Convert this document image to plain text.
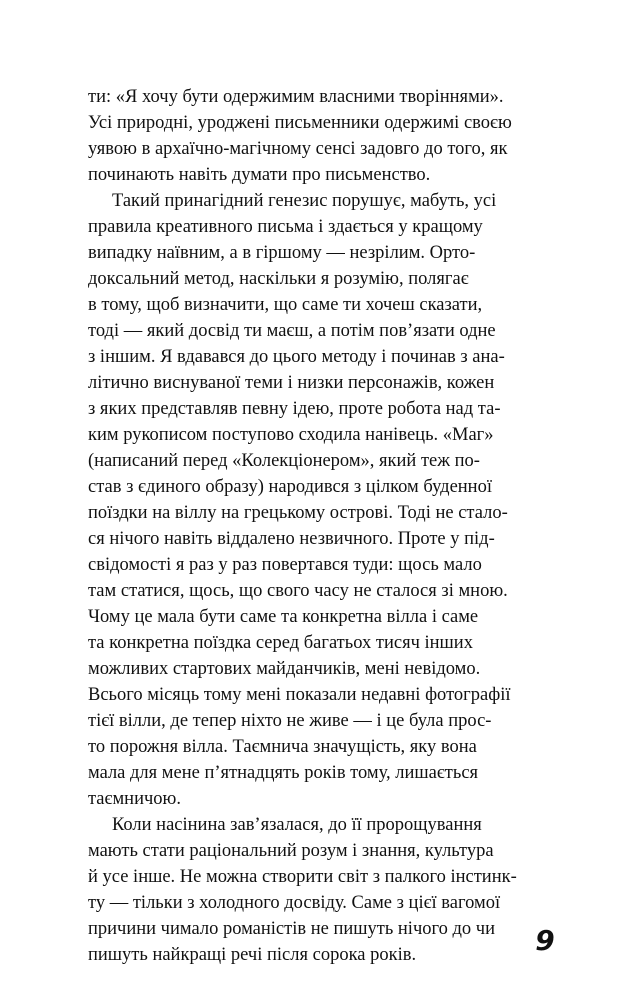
ти: «Я хочу бути одержимим власними творіннями».
Усі природні, уроджені письменники одержимі своєю
уявою в архаїчно-магічному сенсі задовго до того, як
починають навіть думати про письменство.
Такий принагідний генезис порушує, мабуть, усі
правила креативного письма і здається у кращому
випадку наївним, а в гіршому — незрілим. Орто-
доксальний метод, наскільки я розумію, полягає
в тому, щоб визначити, що саме ти хочеш сказати,
тоді — який досвід ти маєш, а потім пов’язати одне
з іншим. Я вдавався до цього методу і починав з ана-
літично виснуваної теми і низки персонажів, кожен
з яких представляв певну ідею, проте робота над та-
ким рукописом поступово сходила нанівець. «Маг»
(написаний перед «Колекціонером», який теж по-
став з єдиного образу) народився з цілком буденної
поїздки на віллу на грецькому острові. Тоді не стало-
ся нічого навіть віддалено незвичного. Проте у під-
свідомості я раз у раз повертався туди: щось мало
там статися, щось, що свого часу не сталося зі мною.
Чому це мала бути саме та конкретна вілла і саме
та конкретна поїздка серед багатьох тисяч інших
можливих стартових майданчиків, мені невідомо.
Всього місяць тому мені показали недавні фотографії
тієї вілли, де тепер ніхто не живе — і це була прос-
то порожня вілла. Таємнича значущість, яку вона
мала для мене п’ятнадцять років тому, лишається
таємничою.
Коли насінина зав’язалася, до її пророщування
мають стати раціональний розум і знання, культура
й усе інше. Не можна створити світ з палкого інстинк-
ту — тільки з холодного досвіду. Саме з цієї вагомої
причини чимало романістів не пишуть нічого до чи
пишуть найкращі речі після сорока років.	9
